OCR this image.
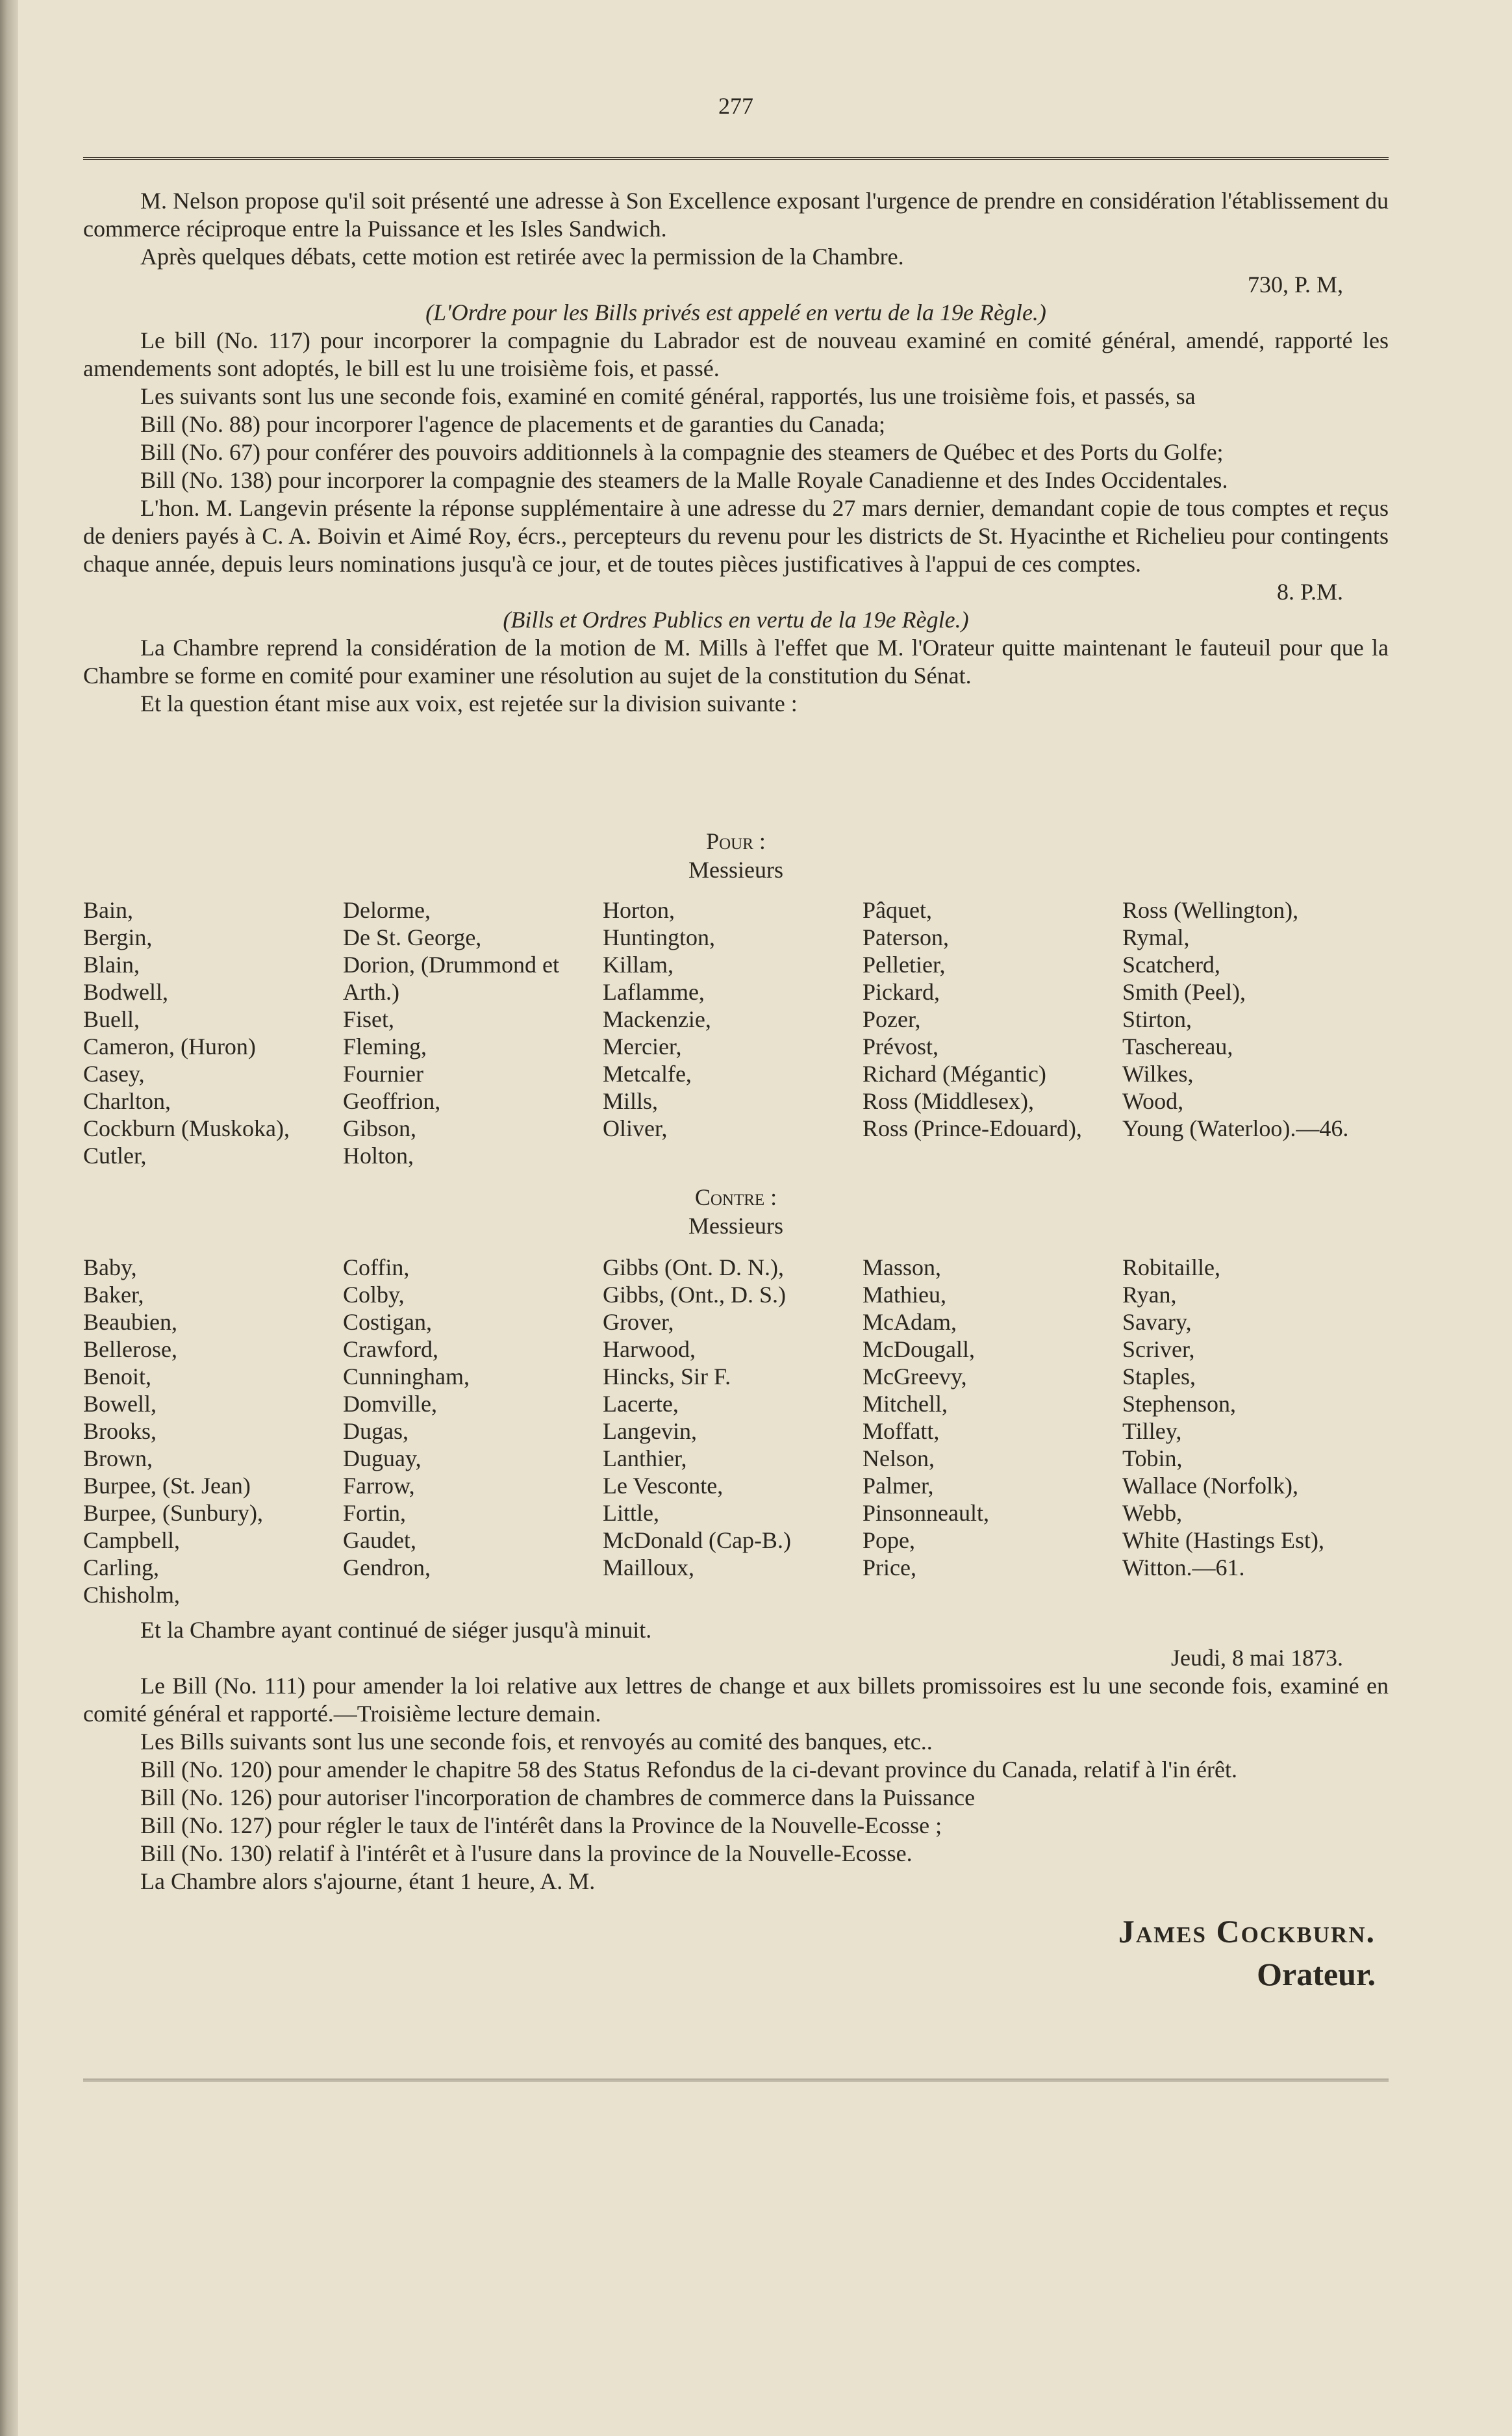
277

M. Nelson propose qu'il soit présenté une adresse à Son Excellence exposant l'urgence de prendre en considération l'établissement du commerce réciproque entre la Puissance et les Isles Sandwich.

Après quelques débats, cette motion est retirée avec la permission de la Chambre.

730, P. M,

(L'Ordre pour les Bills privés est appelé en vertu de la 19e Règle.)

Le bill (No. 117) pour incorporer la compagnie du Labrador est de nouveau examiné en comité général, amendé, rapporté les amendements sont adoptés, le bill est lu une troisième fois, et passé.

Les suivants sont lus une seconde fois, examiné en comité général, rapportés, lus une troisième fois, et passés, sa

Bill (No. 88) pour incorporer l'agence de placements et de garanties du Canada;

Bill (No. 67) pour conférer des pouvoirs additionnels à la compagnie des steamers de Québec et des Ports du Golfe;

Bill (No. 138) pour incorporer la compagnie des steamers de la Malle Royale Canadienne et des Indes Occidentales.

L'hon. M. Langevin présente la réponse supplémentaire à une adresse du 27 mars dernier, demandant copie de tous comptes et reçus de deniers payés à C. A. Boivin et Aimé Roy, écrs., percepteurs du revenu pour les districts de St. Hyacinthe et Richelieu pour contingents chaque année, depuis leurs nominations jusqu'à ce jour, et de toutes pièces justificatives à l'appui de ces comptes.

8. P.M.

(Bills et Ordres Publics en vertu de la 19e Règle.)

La Chambre reprend la considération de la motion de M. Mills à l'effet que M. l'Orateur quitte maintenant le fauteuil pour que la Chambre se forme en comité pour examiner une résolution au sujet de la constitution du Sénat.

Et la question étant mise aux voix, est rejetée sur la division suivante :

Pour :
Messieurs
Bain,
Bergin,
Blain,
Bodwell,
Buell,
Cameron, (Huron)
Casey,
Charlton,
Cockburn (Muskoka),
Cutler,
Delorme,
De St. George,
Dorion, (Drummond et
Arth.)
Fiset,
Fleming,
Fournier
Geoffrion,
Gibson,
Holton,
Horton,
Huntington,
Killam,
Laflamme,
Mackenzie,
Mercier,
Metcalfe,
Mills,
Oliver,
Pâquet,
Paterson,
Pelletier,
Pickard,
Pozer,
Prévost,
Richard (Mégantic)
Ross (Middlesex),
Ross (Prince-Edouard),
Ross (Wellington),
Rymal,
Scatcherd,
Smith (Peel),
Stirton,
Taschereau,
Wilkes,
Wood,
Young (Waterloo).—46.
Contre :
Messieurs
Baby,
Baker,
Beaubien,
Bellerose,
Benoit,
Bowell,
Brooks,
Brown,
Burpee, (St. Jean)
Burpee, (Sunbury),
Campbell,
Carling,
Chisholm,
Coffin,
Colby,
Costigan,
Crawford,
Cunningham,
Domville,
Dugas,
Duguay,
Farrow,
Fortin,
Gaudet,
Gendron,
Gibbs (Ont. D. N.),
Gibbs, (Ont., D. S.)
Grover,
Harwood,
Hincks, Sir F.
Lacerte,
Langevin,
Lanthier,
Le Vesconte,
Little,
McDonald (Cap-B.)
Mailloux,
Masson,
Mathieu,
McAdam,
McDougall,
McGreevy,
Mitchell,
Moffatt,
Nelson,
Palmer,
Pinsonneault,
Pope,
Price,
Robitaille,
Ryan,
Savary,
Scriver,
Staples,
Stephenson,
Tilley,
Tobin,
Wallace (Norfolk),
Webb,
White (Hastings Est),
Witton.—61.

Et la Chambre ayant continué de siéger jusqu'à minuit.

Jeudi, 8 mai 1873.

Le Bill (No. 111) pour amender la loi relative aux lettres de change et aux billets promissoires est lu une seconde fois, examiné en comité général et rapporté.—Troisième lecture demain.

Les Bills suivants sont lus une seconde fois, et renvoyés au comité des banques, etc..

Bill (No. 120) pour amender le chapitre 58 des Status Refondus de la ci-devant province du Canada, relatif à l'in érêt.

Bill (No. 126) pour autoriser l'incorporation de chambres de commerce dans la Puissance

Bill (No. 127) pour régler le taux de l'intérêt dans la Province de la Nouvelle-Ecosse ;

Bill (No. 130) relatif à l'intérêt et à l'usure dans la province de la Nouvelle-Ecosse.

La Chambre alors s'ajourne, étant 1 heure, A. M.

James Cockburn.
Orateur.
